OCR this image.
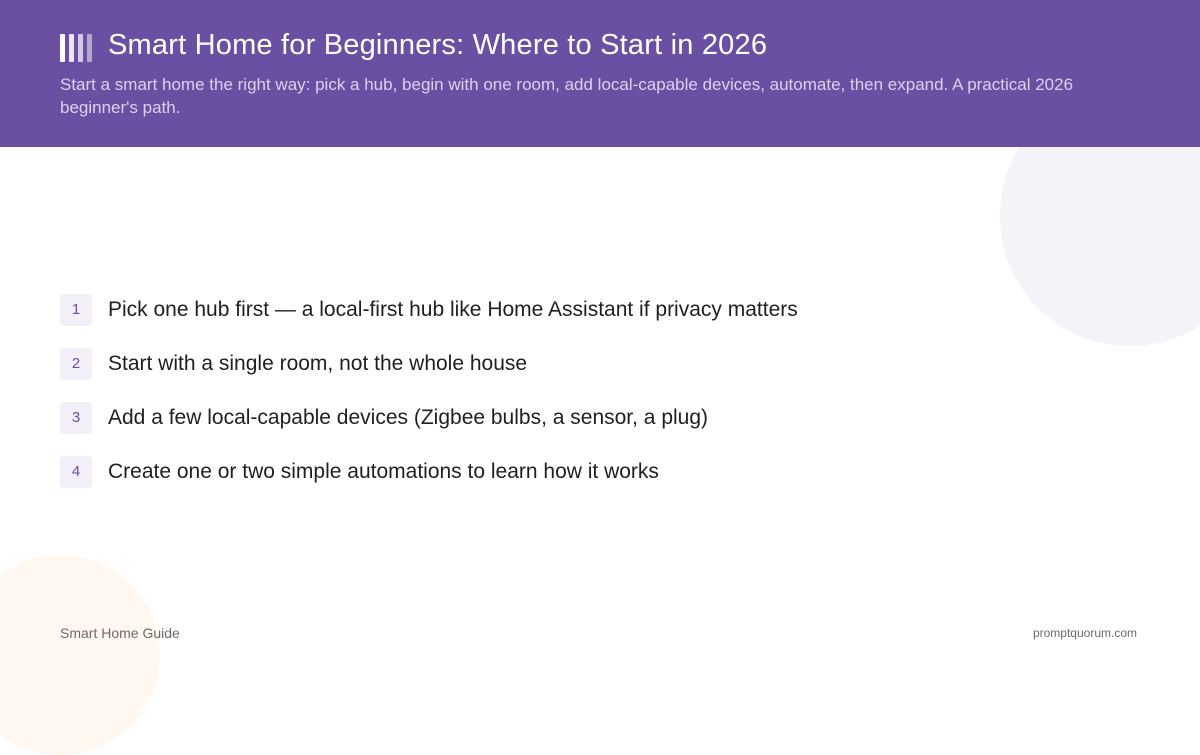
Smart Home for Beginners: Where to Start in 2026

Start a smart home the right way: pick a hub, begin with one room, add local-capable devices, automate, then expand. A practical 2026 beginner's path.

1	Pick one hub first — a local-first hub like Home Assistant if privacy matters
2	Start with a single room, not the whole house
3	Add a few local-capable devices (Zigbee bulbs, a sensor, a plug)
4	Create one or two simple automations to learn how it works
Smart Home Guide	promptquorum.com
